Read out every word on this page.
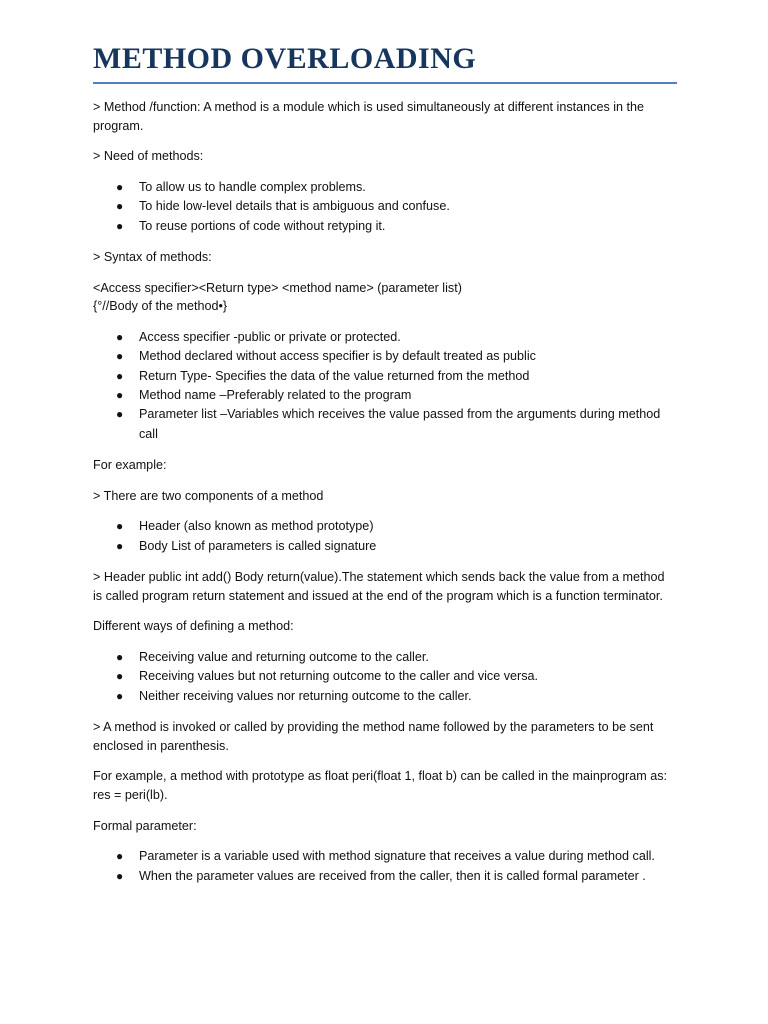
METHOD OVERLOADING

> Method /function: A method is a module which is used simultaneously at different instances in the program.

> Need of methods:

● To allow us to handle complex problems.
● To hide low-level details that is ambiguous and confuse.
● To reuse portions of code without retyping it.

> Syntax of methods:

<Access specifier><Return type> <method name> (parameter list)

{°//Body of the method•}

● Access specifier -public or private or protected.
● Method declared without access specifier is by default treated as public
● Return Type- Specifies the data of the value returned from the method
● Method name –Preferably related to the program
● Parameter list –Variables which receives the value passed from the arguments during method call

For example:

> There are two components of a method

● Header (also known as method prototype)
● Body List of parameters is called signature

> Header public int add() Body return(value).The statement which sends back the value from a method is called program return statement and issued at the end of the program which is a function terminator.

Different ways of defining a method:

● Receiving value and returning outcome to the caller.
● Receiving values but not returning outcome to the caller and vice versa.
● Neither receiving values nor returning outcome to the caller.

> A method is invoked or called by providing the method name followed by the parameters to be sent enclosed in parenthesis.

For example, a method with prototype as float peri(float 1, float b) can be called in the mainprogram as: res = peri(lb).

Formal parameter:

● Parameter is a variable used with method signature that receives a value during method call.
● When the parameter values are received from the caller, then it is called formal parameter .
